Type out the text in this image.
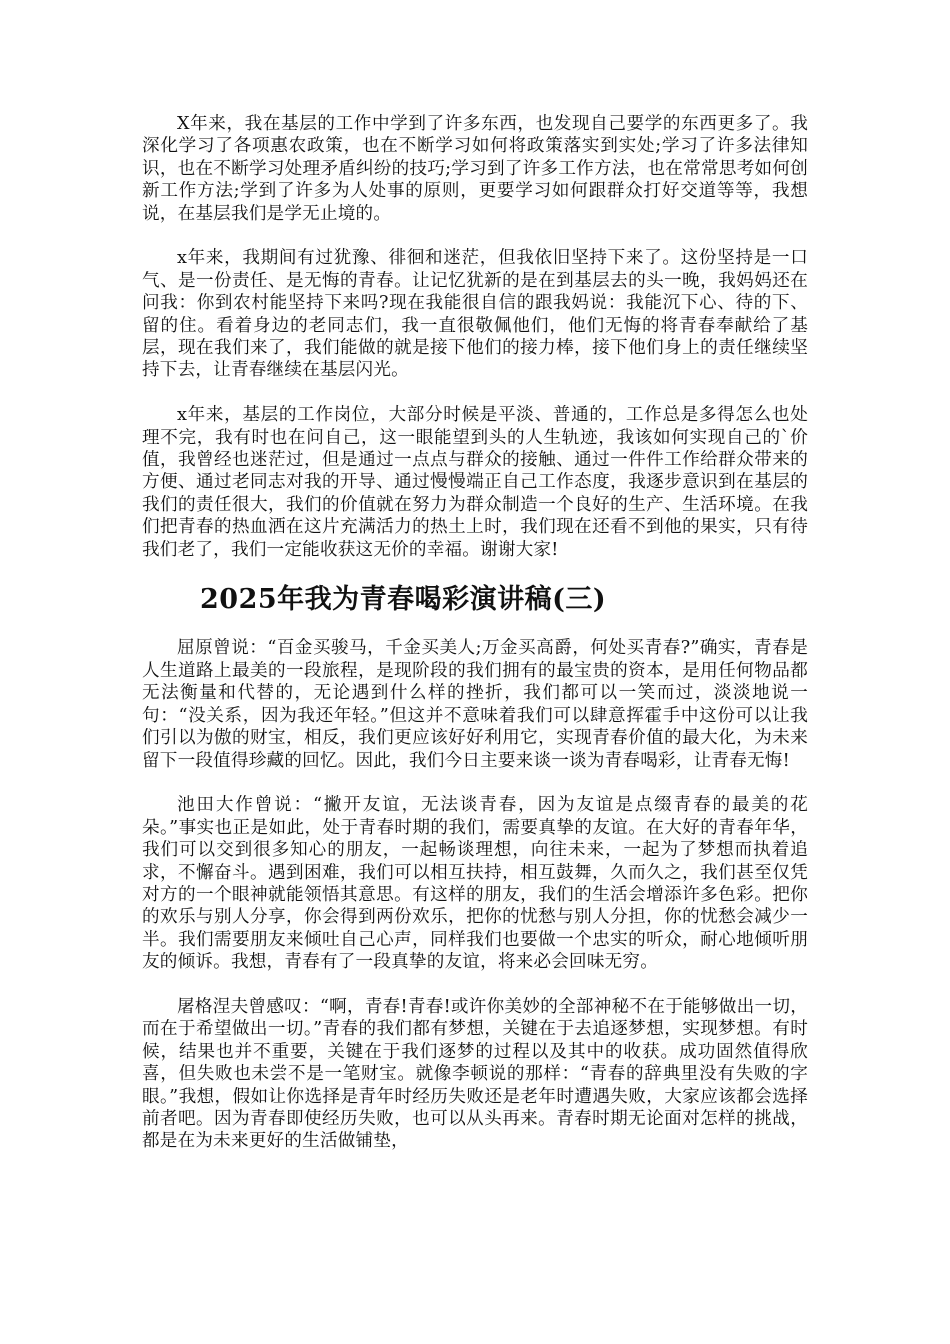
X年来，我在基层的工作中学到了许多东西，也发现自己要学的东西更多了。我深化学习了各项惠农政策，也在不断学习如何将政策落实到实处;学习了许多法律知识，也在不断学习处理矛盾纠纷的技巧;学习到了许多工作方法，也在常常思考如何创新工作方法;学到了许多为人处事的原则，更要学习如何跟群众打好交道等等，我想说，在基层我们是学无止境的。

x年来，我期间有过犹豫、徘徊和迷茫，但我依旧坚持下来了。这份坚持是一口气、是一份责任、是无悔的青春。让记忆犹新的是在到基层去的头一晚，我妈妈还在问我：你到农村能坚持下来吗?现在我能很自信的跟我妈说：我能沉下心、待的下、留的住。看着身边的老同志们，我一直很敬佩他们，他们无悔的将青春奉献给了基层，现在我们来了，我们能做的就是接下他们的接力棒，接下他们身上的责任继续坚持下去，让青春继续在基层闪光。

x年来，基层的工作岗位，大部分时候是平淡、普通的，工作总是多得怎么也处理不完，我有时也在问自己，这一眼能望到头的人生轨迹，我该如何实现自己的`价值，我曾经也迷茫过，但是通过一点点与群众的接触、通过一件件工作给群众带来的方便、通过老同志对我的开导、通过慢慢端正自己工作态度，我逐步意识到在基层的我们的责任很大，我们的价值就在努力为群众制造一个良好的生产、生活环境。在我们把青春的热血洒在这片充满活力的热土上时，我们现在还看不到他的果实，只有待我们老了，我们一定能收获这无价的幸福。谢谢大家!

2025年我为青春喝彩演讲稿(三)

屈原曾说：“百金买骏马，千金买美人;万金买高爵，何处买青春?”确实，青春是人生道路上最美的一段旅程，是现阶段的我们拥有的最宝贵的资本，是用任何物品都无法衡量和代替的，无论遇到什么样的挫折，我们都可以一笑而过，淡淡地说一句：“没关系，因为我还年轻。”但这并不意味着我们可以肆意挥霍手中这份可以让我们引以为傲的财宝，相反，我们更应该好好利用它，实现青春价值的最大化，为未来留下一段值得珍藏的回忆。因此，我们今日主要来谈一谈为青春喝彩，让青春无悔!

池田大作曾说：“撇开友谊，无法谈青春，因为友谊是点缀青春的最美的花朵。”事实也正是如此，处于青春时期的我们，需要真挚的友谊。在大好的青春年华，我们可以交到很多知心的朋友，一起畅谈理想，向往未来，一起为了梦想而执着追求，不懈奋斗。遇到困难，我们可以相互扶持，相互鼓舞，久而久之，我们甚至仅凭对方的一个眼神就能领悟其意思。有这样的朋友，我们的生活会增添许多色彩。把你的欢乐与别人分享，你会得到两份欢乐，把你的忧愁与别人分担，你的忧愁会减少一半。我们需要朋友来倾吐自己心声，同样我们也要做一个忠实的听众，耐心地倾听朋友的倾诉。我想，青春有了一段真挚的友谊，将来必会回味无穷。

屠格涅夫曾感叹：“啊，青春!青春!或许你美妙的全部神秘不在于能够做出一切，而在于希望做出一切。”青春的我们都有梦想，关键在于去追逐梦想，实现梦想。有时候，结果也并不重要，关键在于我们逐梦的过程以及其中的收获。成功固然值得欣喜，但失败也未尝不是一笔财宝。就像李顿说的那样：“青春的辞典里没有失败的字眼。”我想，假如让你选择是青年时经历失败还是老年时遭遇失败，大家应该都会选择前者吧。因为青春即使经历失败，也可以从头再来。青春时期无论面对怎样的挑战，都是在为未来更好的生活做铺垫，
